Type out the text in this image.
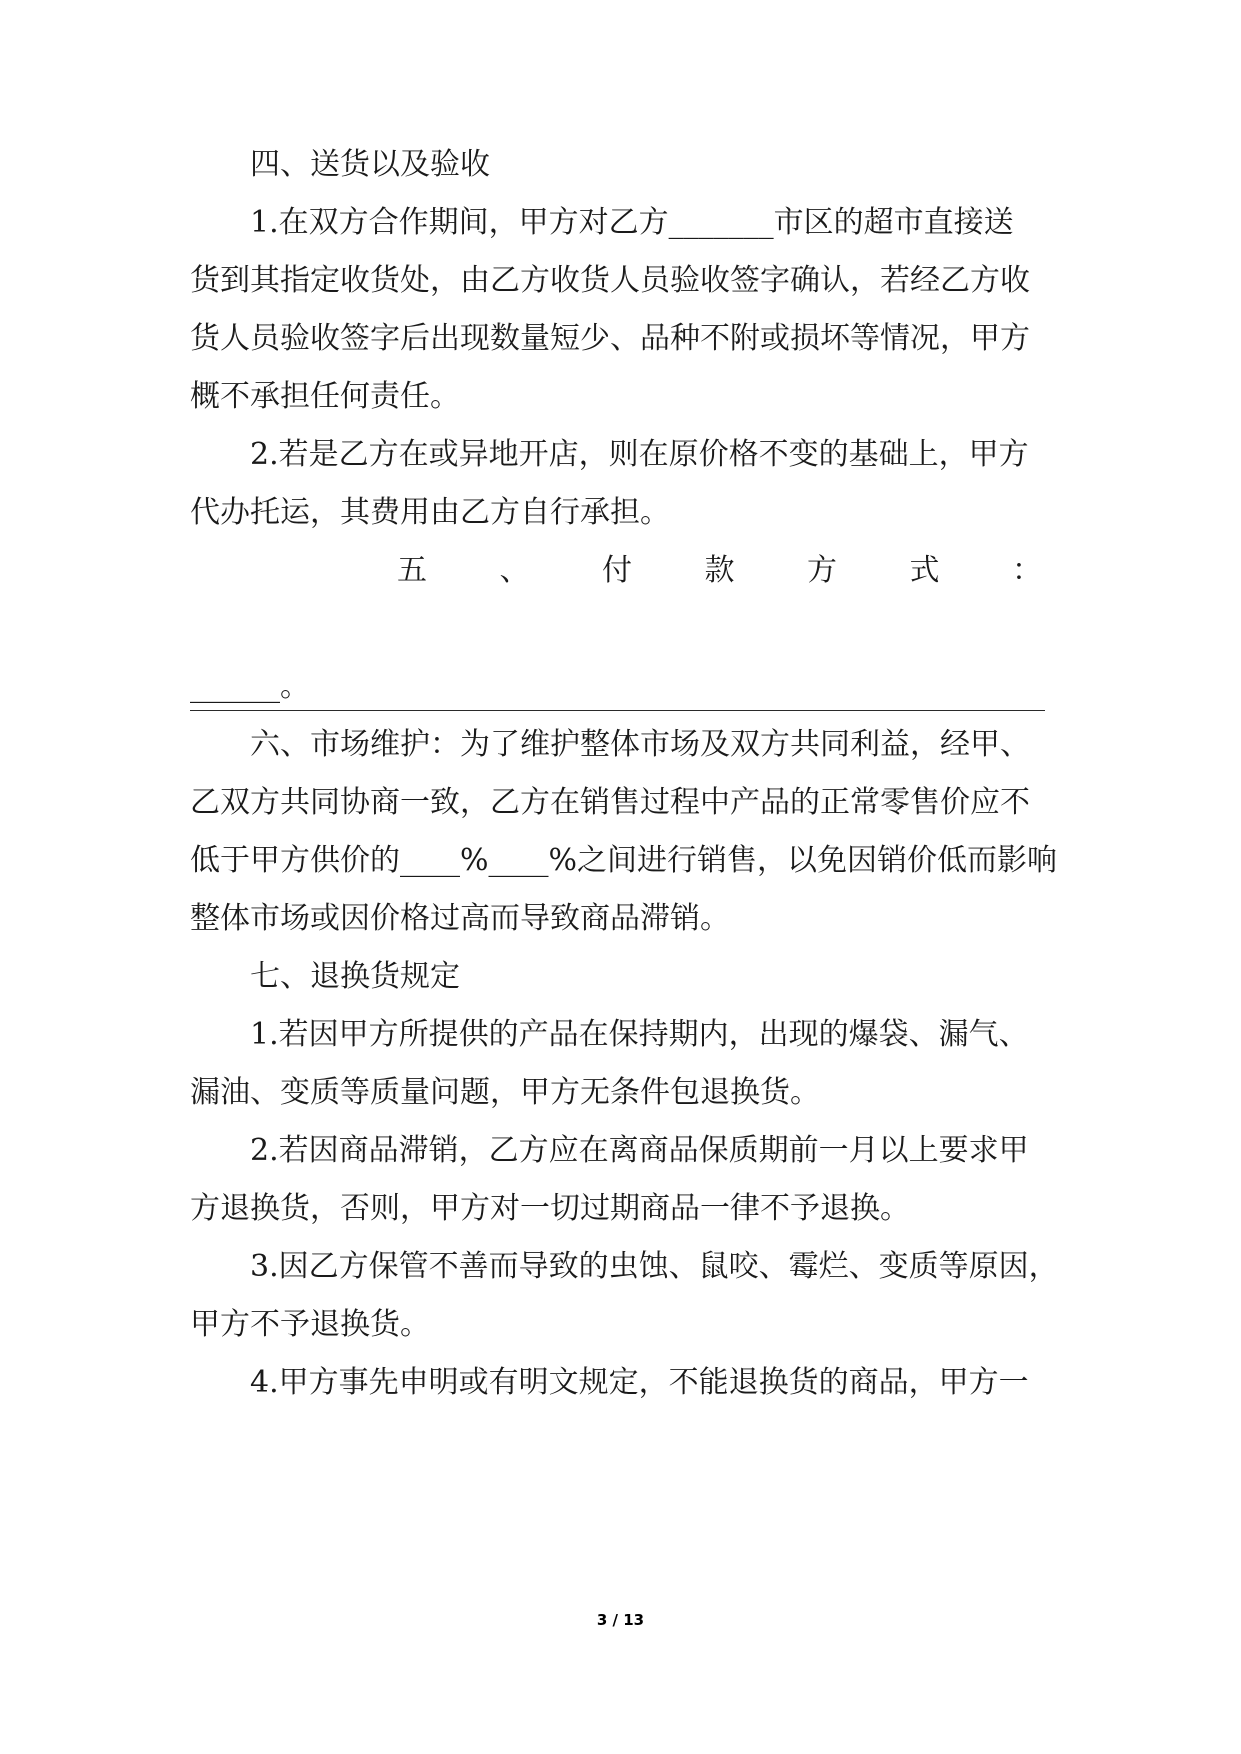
四、送货以及验收
1.在双方合作期间，甲方对乙方_______市区的超市直接送
货到其指定收货处，由乙方收货人员验收签字确认，若经乙方收
货人员验收签字后出现数量短少、品种不附或损坏等情况，甲方
概不承担任何责任。
2.若是乙方在或异地开店，则在原价格不变的基础上，甲方
代办托运，其费用由乙方自行承担。
五 、 付 款 方 式 ：
______。
六、市场维护：为了维护整体市场及双方共同利益，经甲、
乙双方共同协商一致，乙方在销售过程中产品的正常零售价应不
低于甲方供价的____%____%之间进行销售，以免因销价低而影响
整体市场或因价格过高而导致商品滞销。
七、退换货规定
1.若因甲方所提供的产品在保持期内，出现的爆袋、漏气、
漏油、变质等质量问题，甲方无条件包退换货。
2.若因商品滞销，乙方应在离商品保质期前一月以上要求甲
方退换货，否则，甲方对一切过期商品一律不予退换。
3.因乙方保管不善而导致的虫蚀、鼠咬、霉烂、变质等原因，
甲方不予退换货。
4.甲方事先申明或有明文规定，不能退换货的商品，甲方一
3 / 13
